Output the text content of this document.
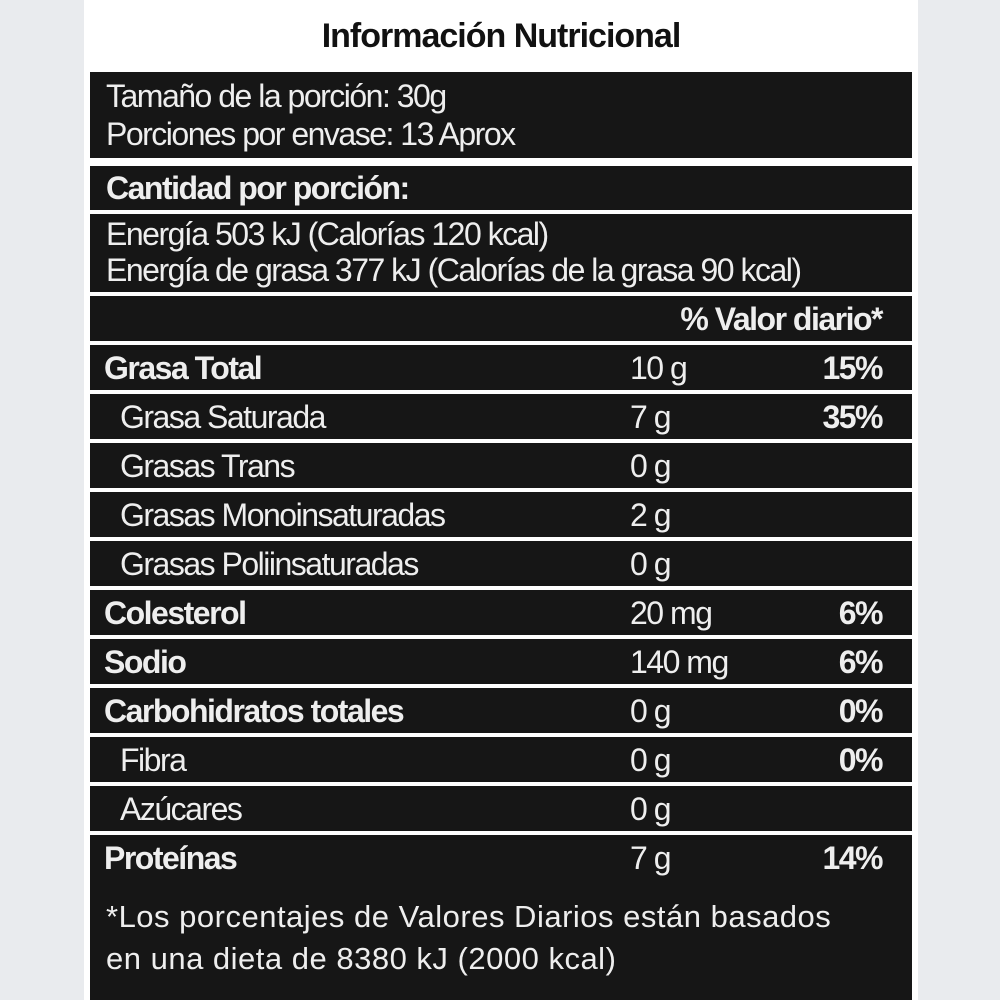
Información Nutricional
Tamaño de la porción: 30g
Porciones por envase: 13 Aprox
Cantidad por porción:
Energía 503 kJ (Calorías 120 kcal)
Energía de grasa 377 kJ (Calorías de la grasa 90 kcal)
% Valor diario*
Grasa Total	10 g	15%
Grasa Saturada	7 g	35%
Grasas Trans	0 g
Grasas Monoinsaturadas	2 g
Grasas Poliinsaturadas	0 g
Colesterol	20 mg	6%
Sodio	140 mg	6%
Carbohidratos totales	0 g	0%
Fibra	0 g	0%
Azúcares	0 g
Proteínas	7 g	14%
*Los porcentajes de Valores Diarios están basados
en una dieta de 8380 kJ (2000 kcal)
